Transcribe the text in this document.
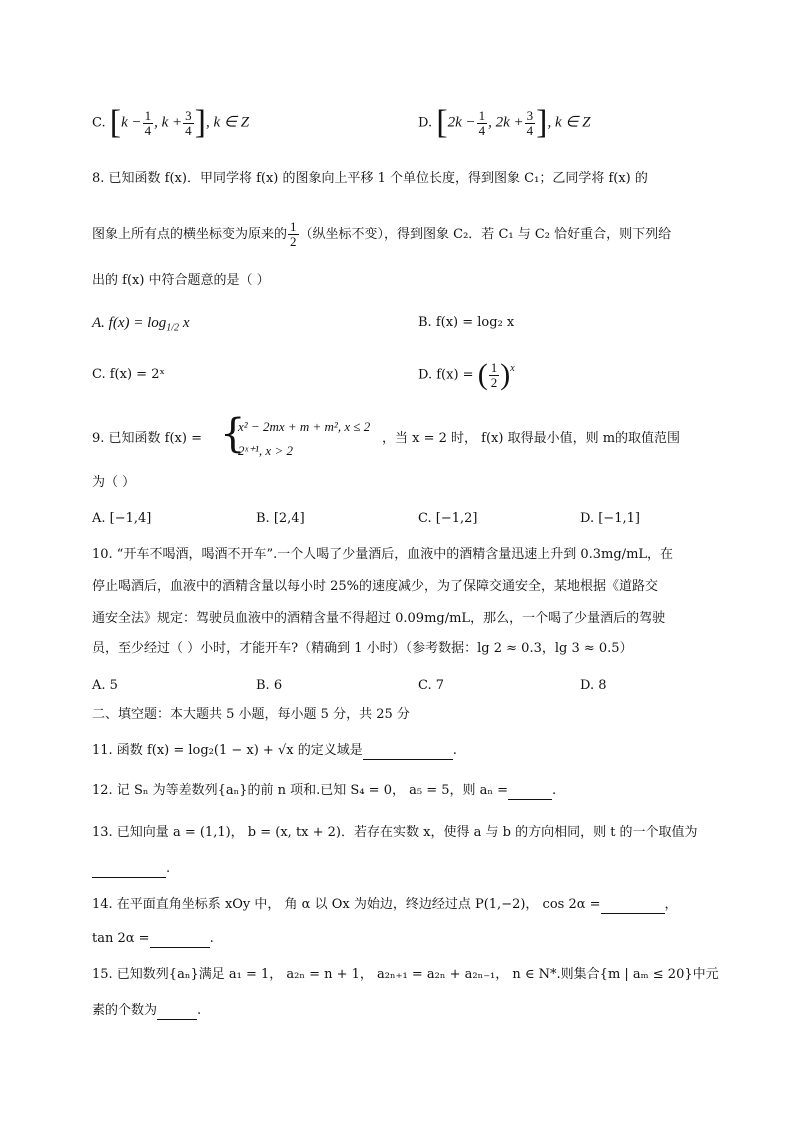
C. [$k - \frac{1}{4}$ , $k + \frac{3}{4}$ ], k ∈ Z	D. [$2k - \frac{1}{4}$ , $2k + \frac{3}{4}$ ], k ∈ Z
8. 已知函数 f(x)．甲同学将 f(x) 的图象向上平移 1 个单位长度，得到图象 C₁；乙同学将 f(x) 的
图象上所有点的横坐标变为原来的 $\frac{1}{2}$ （纵坐标不变），得到图象 C₂．若 C₁ 与 C₂ 恰好重合，则下列给
出的 f(x) 中符合题意的是（ ）
A. $f(x) = \log_{1/2} x$	B. f(x) = log₂ x
C. f(x) = 2ˣ	D. f(x) = ( $\frac{1}{2} )^x$
9. 已知函数 f(x) = {
x² − 2mx + m + m², x ≤ 2
2ˣ⁺¹, x > 2
，当 x = 2 时， f(x) 取得最小值，则 m的取值范围
为（ ）
A. [−1,4]	B. [2,4]	C. [−1,2]	D. [−1,1]
10. “开车不喝酒，喝酒不开车”.一个人喝了少量酒后，血液中的酒精含量迅速上升到 0.3mg/mL，在
停止喝酒后，血液中的酒精含量以每小时 25%的速度减少，为了保障交通安全，某地根据《道路交
通安全法》规定：驾驶员血液中的酒精含量不得超过 0.09mg/mL，那么，一个喝了少量酒后的驾驶
员，至少经过（ ）小时，才能开车?（精确到 1 小时）（参考数据：lg 2 ≈ 0.3，lg 3 ≈ 0.5）
A. 5	B. 6	C. 7	D. 8
二、填空题：本大题共 5 小题，每小题 5 分，共 25 分
11. 函数 f(x) = log₂(1 − x) + √x 的定义域是	.
12. 记 Sₙ 为等差数列{aₙ}的前 n 项和.已知 S₄ = 0， a₅ = 5，则 aₙ =	.
13. 已知向量 a = (1,1)， b = (x, tx + 2)．若存在实数 x，使得 a 与 b 的方向相同，则 t 的一个取值为
.
14. 在平面直角坐标系 xOy 中， 角 α 以 Ox 为始边，终边经过点 P(1,−2)， cos 2α =	，
tan 2α =	.
15. 已知数列{aₙ}满足 a₁ = 1， a₂ₙ = n + 1， a₂ₙ₊₁ = a₂ₙ + a₂ₙ₋₁， n ∈ N*.则集合{m | aₘ ≤ 20}中元
素的个数为	.
